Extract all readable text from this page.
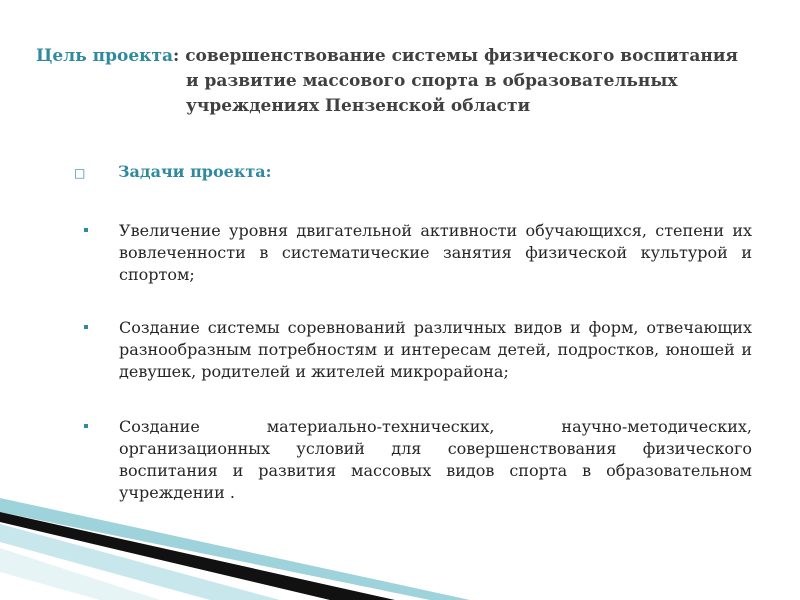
Цель проекта: совершенствование системы физического воспитания
и развитие массового спорта в образовательных
учреждениях Пензенской области
□ Задачи проекта:
Увеличение уровня двигательной активности обучающихся, степени их вовлеченности в систематические занятия физической культурой и спортом;
Создание системы соревнований различных видов и форм, отвечающих разнообразным потребностям и интересам детей, подростков, юношей и девушек, родителей и жителей микрорайона;
Создание материально-технических, научно-методических, организационных условий для совершенствования физического воспитания и развития массовых видов спорта в образовательном учреждении .
